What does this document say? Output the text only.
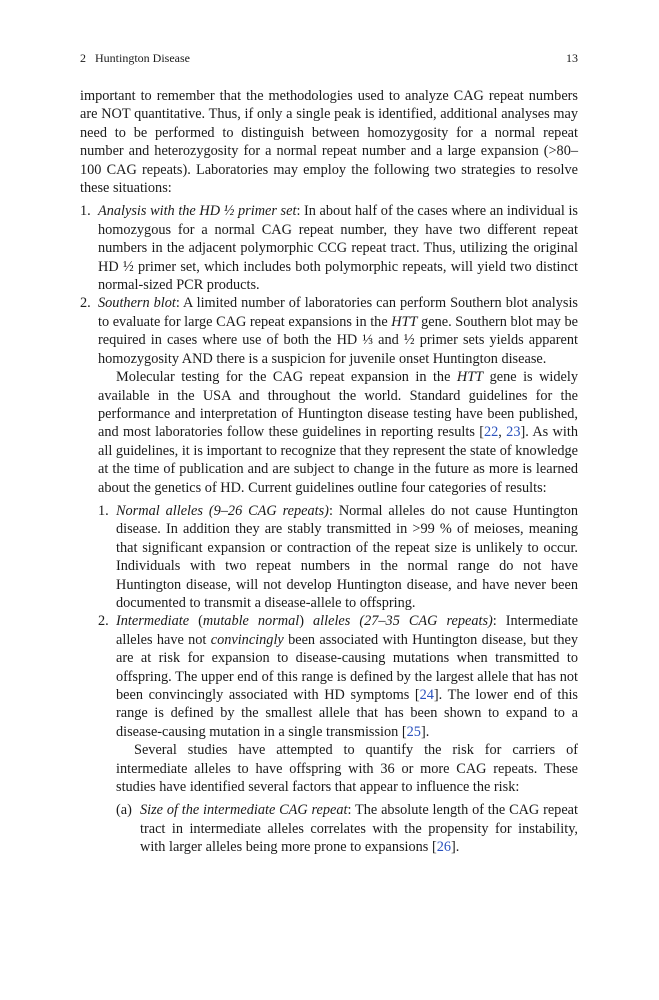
2   Huntington Disease	13

important to remember that the methodologies used to analyze CAG repeat numbers are NOT quantitative. Thus, if only a single peak is identified, additional analyses may need to be performed to distinguish between homozygosity for a normal repeat number and heterozygosity for a normal repeat number and a large expansion (>80–100 CAG repeats). Laboratories may employ the following two strategies to resolve these situations:

1. Analysis with the HD ½ primer set: In about half of the cases where an individual is homozygous for a normal CAG repeat number, they have two different repeat numbers in the adjacent polymorphic CCG repeat tract. Thus, utilizing the original HD ½ primer set, which includes both polymorphic repeats, will yield two distinct normal-sized PCR products.

2. Southern blot: A limited number of laboratories can perform Southern blot analysis to evaluate for large CAG repeat expansions in the HTT gene. Southern blot may be required in cases where use of both the HD ⅓ and ½ primer sets yields apparent homozygosity AND there is a suspicion for juvenile onset Huntington disease.

Molecular testing for the CAG repeat expansion in the HTT gene is widely available in the USA and throughout the world. Standard guidelines for the performance and interpretation of Huntington disease testing have been published, and most laboratories follow these guidelines in reporting results [22, 23]. As with all guidelines, it is important to recognize that they represent the state of knowledge at the time of publication and are subject to change in the future as more is learned about the genetics of HD. Current guidelines outline four categories of results:

1. Normal alleles (9–26 CAG repeats): Normal alleles do not cause Huntington disease. In addition they are stably transmitted in >99 % of meioses, meaning that significant expansion or contraction of the repeat size is unlikely to occur. Individuals with two repeat numbers in the normal range do not have Huntington disease, will not develop Huntington disease, and have never been documented to transmit a disease-allele to offspring.

2. Intermediate (mutable normal) alleles (27–35 CAG repeats): Intermediate alleles have not convincingly been associated with Huntington disease, but they are at risk for expansion to disease-causing mutations when transmitted to offspring. The upper end of this range is defined by the largest allele that has not been convincingly associated with HD symptoms [24]. The lower end of this range is defined by the smallest allele that has been shown to expand to a disease-causing mutation in a single transmission [25].

Several studies have attempted to quantify the risk for carriers of intermediate alleles to have offspring with 36 or more CAG repeats. These studies have identified several factors that appear to influence the risk:

(a) Size of the intermediate CAG repeat: The absolute length of the CAG repeat tract in intermediate alleles correlates with the propensity for instability, with larger alleles being more prone to expansions [26].
